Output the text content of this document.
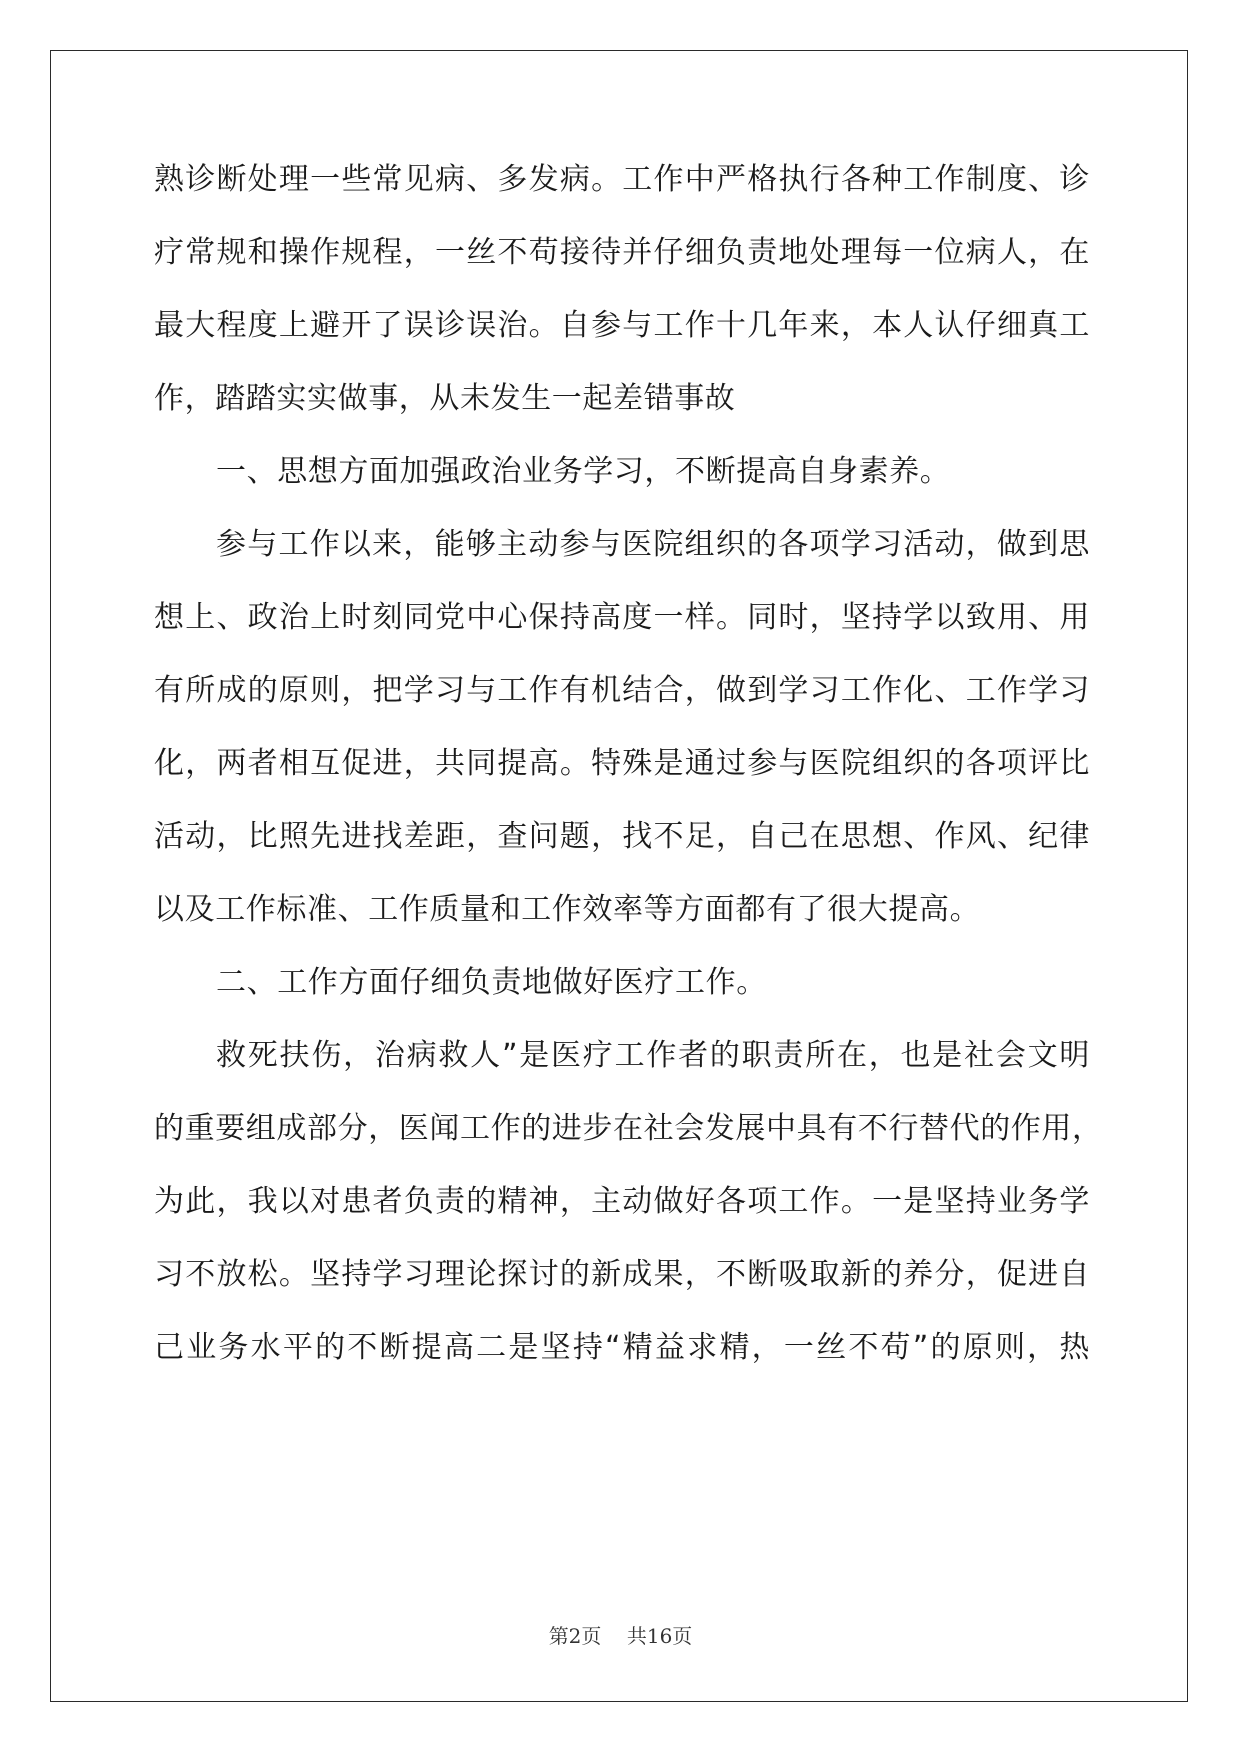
熟诊断处理一些常见病、多发病。工作中严格执行各种工作制度、诊
疗常规和操作规程，一丝不苟接待并仔细负责地处理每一位病人，在
最大程度上避开了误诊误治。自参与工作十几年来，本人认仔细真工
作，踏踏实实做事，从未发生一起差错事故
一、思想方面加强政治业务学习，不断提高自身素养。
参与工作以来，能够主动参与医院组织的各项学习活动，做到思
想上、政治上时刻同党中心保持高度一样。同时，坚持学以致用、用
有所成的原则，把学习与工作有机结合，做到学习工作化、工作学习
化，两者相互促进，共同提高。特殊是通过参与医院组织的各项评比
活动，比照先进找差距，查问题，找不足，自己在思想、作风、纪律
以及工作标准、工作质量和工作效率等方面都有了很大提高。
二、工作方面仔细负责地做好医疗工作。
救死扶伤，治病救人”是医疗工作者的职责所在，也是社会文明
的重要组成部分，医闻工作的进步在社会发展中具有不行替代的作用，
为此，我以对患者负责的精神，主动做好各项工作。一是坚持业务学
习不放松。坚持学习理论探讨的新成果，不断吸取新的养分，促进自
己业务水平的不断提高二是坚持“精益求精，一丝不苟”的原则，热
第2页    共16页
